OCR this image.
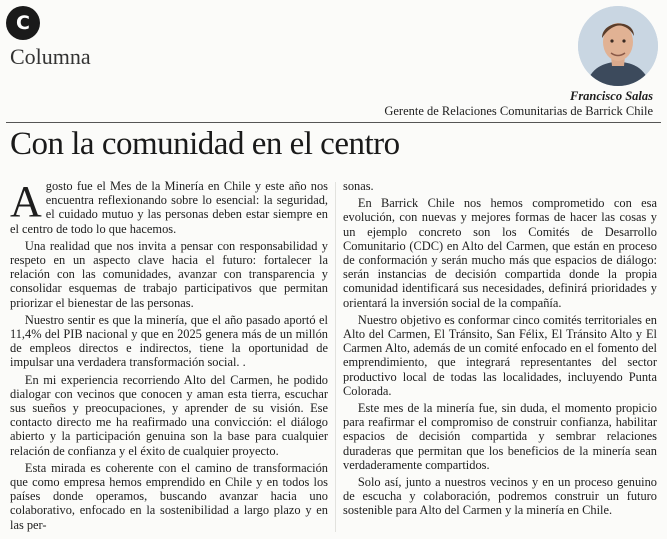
C
Columna
Francisco Salas
Gerente de Relaciones Comunitarias de Barrick Chile
Con la comunidad en el centro

Agosto fue el Mes de la Minería en Chile y este año nos encuentra reflexionando sobre lo esencial: la seguridad, el cuidado mutuo y las personas deben estar siempre en el centro de todo lo que hacemos.

Una realidad que nos invita a pensar con responsabilidad y respeto en un aspecto clave hacia el futuro: fortalecer la relación con las comunidades, avanzar con transparencia y consolidar esquemas de trabajo participativos que permitan priorizar el bienestar de las personas.

Nuestro sentir es que la minería, que el año pasado aportó el 11,4% del PIB nacional y que en 2025 genera más de un millón de empleos directos e indirectos, tiene la oportunidad de impulsar una verdadera transformación social. .

En mi experiencia recorriendo Alto del Carmen, he podido dialogar con vecinos que conocen y aman esta tierra, escuchar sus sueños y preocupaciones, y aprender de su visión. Ese contacto directo me ha reafirmado una convicción: el diálogo abierto y la participación genuina son la base para cualquier relación de confianza y el éxito de cualquier proyecto.

Esta mirada es coherente con el camino de transformación que como empresa hemos emprendido en Chile y en todos los países donde operamos, buscando avanzar hacia uno colaborativo, enfocado en la sostenibilidad a largo plazo y en las per-

sonas.

En Barrick Chile nos hemos comprometido con esa evolución, con nuevas y mejores formas de hacer las cosas y un ejemplo concreto son los Comités de Desarrollo Comunitario (CDC) en Alto del Carmen, que están en proceso de conformación y serán mucho más que espacios de diálogo: serán instancias de decisión compartida donde la propia comunidad identificará sus necesidades, definirá prioridades y orientará la inversión social de la compañía.

Nuestro objetivo es conformar cinco comités territoriales en Alto del Carmen, El Tránsito, San Félix, El Tránsito Alto y El Carmen Alto, además de un comité enfocado en el fomento del emprendimiento, que integrará representantes del sector productivo local de todas las localidades, incluyendo Punta Colorada.

Este mes de la minería fue, sin duda, el momento propicio para reafirmar el compromiso de construir confianza, habilitar espacios de decisión compartida y sembrar relaciones duraderas que permitan que los beneficios de la minería sean verdaderamente compartidos.

Solo así, junto a nuestros vecinos y en un proceso genuino de escucha y colaboración, podremos construir un futuro sostenible para Alto del Carmen y la minería en Chile.
